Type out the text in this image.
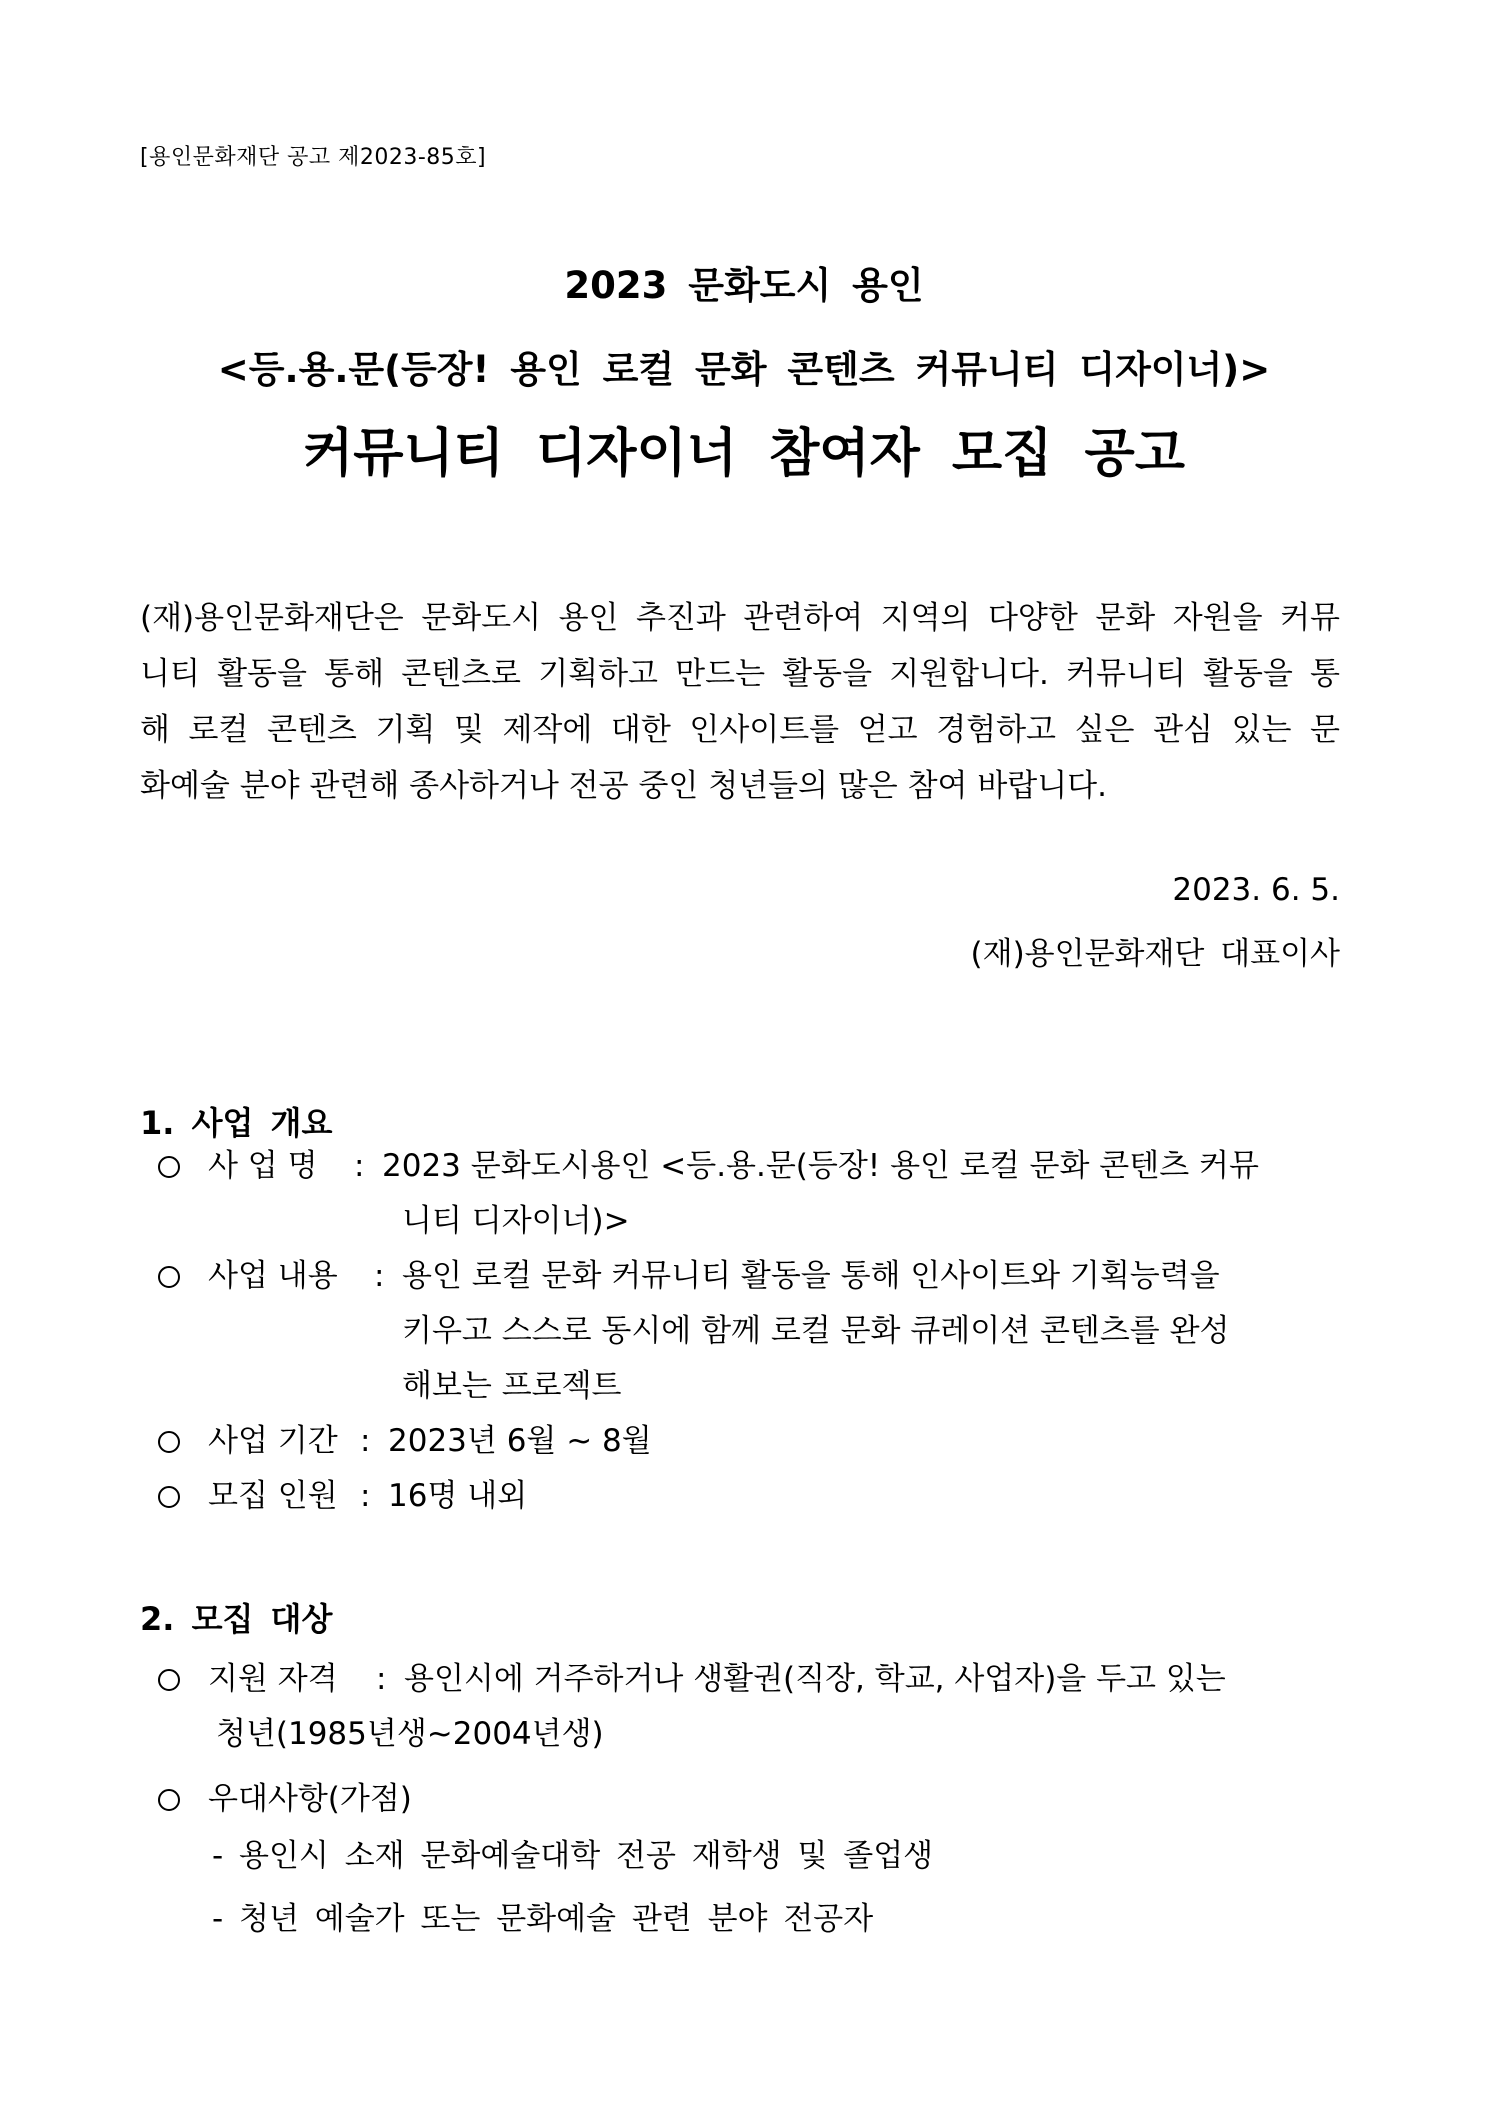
[용인문화재단 공고 제2023-85호]
2023 문화도시 용인
<등.용.문(등장! 용인 로컬 문화 콘텐츠 커뮤니티 디자이너)>
커뮤니티 디자이너 참여자 모집 공고
(재)용인문화재단은 문화도시 용인 추진과 관련하여 지역의 다양한 문화 자원을 커뮤
니티 활동을 통해 콘텐츠로 기획하고 만드는 활동을 지원합니다. 커뮤니티 활동을 통
해 로컬 콘텐츠 기획 및 제작에 대한 인사이트를 얻고 경험하고 싶은 관심 있는 문
화예술 분야 관련해 종사하거나 전공 중인 청년들의 많은 참여 바랍니다.
2023. 6. 5.
(재)용인문화재단 대표이사
1. 사업 개요
사 업 명 : 2023 문화도시용인 <등.용.문(등장! 용인 로컬 문화 콘텐츠 커뮤
니티 디자이너)>
사업 내용 : 용인 로컬 문화 커뮤니티 활동을 통해 인사이트와 기획능력을
키우고 스스로 동시에 함께 로컬 문화 큐레이션 콘텐츠를 완성
해보는 프로젝트
사업 기간 : 2023년 6월 ~ 8월
모집 인원 : 16명 내외
2. 모집 대상
지원 자격 : 용인시에 거주하거나 생활권(직장, 학교, 사업자)을 두고 있는
청년(1985년생~2004년생)
우대사항(가점)
- 용인시 소재 문화예술대학 전공 재학생 및 졸업생
- 청년 예술가 또는 문화예술 관련 분야 전공자
